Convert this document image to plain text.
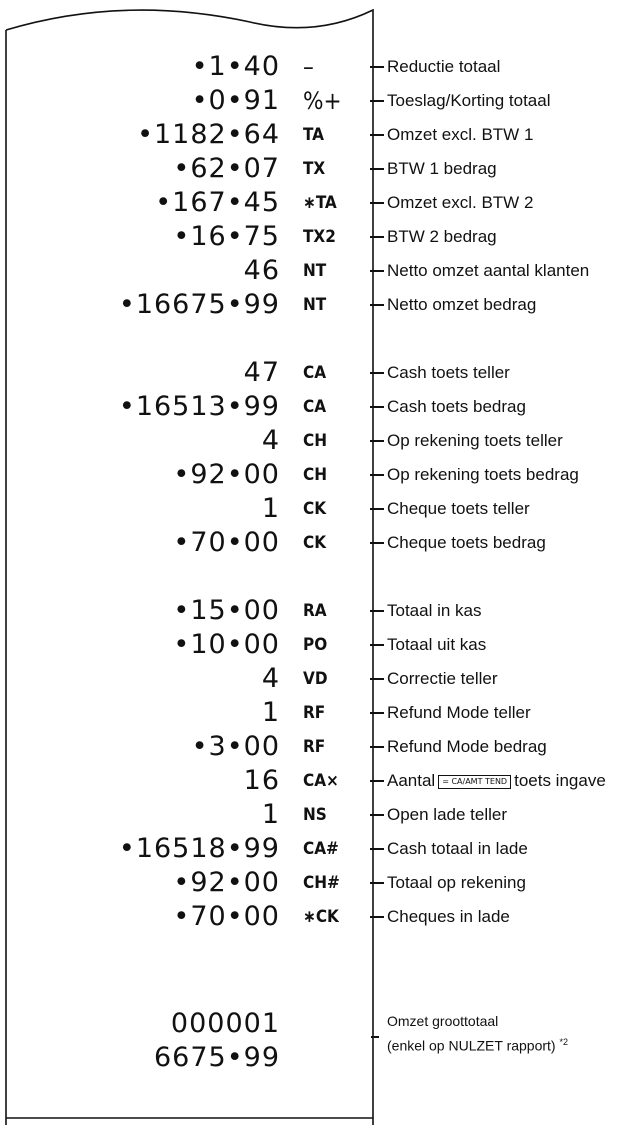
•1•40 –	Reductie totaal
•0•91 %+	Toeslag/Korting totaal
•1182•64 TA	Omzet excl. BTW 1
•62•07 TX	BTW 1 bedrag
•167•45 ∗TA	Omzet excl. BTW 2
•16•75 TX2	BTW 2 bedrag
46 NT	Netto omzet aantal klanten
•16675•99 NT	Netto omzet bedrag
47 CA	Cash toets teller
•16513•99 CA	Cash toets bedrag
4 CH	Op rekening toets teller
•92•00 CH	Op rekening toets bedrag
1 CK	Cheque toets teller
•70•00 CK	Cheque toets bedrag
•15•00 RA	Totaal in kas
•10•00 PO	Totaal uit kas
4 VD	Correctie teller
1 RF	Refund Mode teller
•3•00 RF	Refund Mode bedrag
16 CA×	Aantal = CA/AMT TEND toets ingave
1 NS	Open lade teller
•16518•99 CA#	Cash totaal in lade
•92•00 CH#	Totaal op rekening
•70•00 ∗CK	Cheques in lade
000001
6675•99
Omzet groottotaal
(enkel op NULZET rapport) $^{*2}$
